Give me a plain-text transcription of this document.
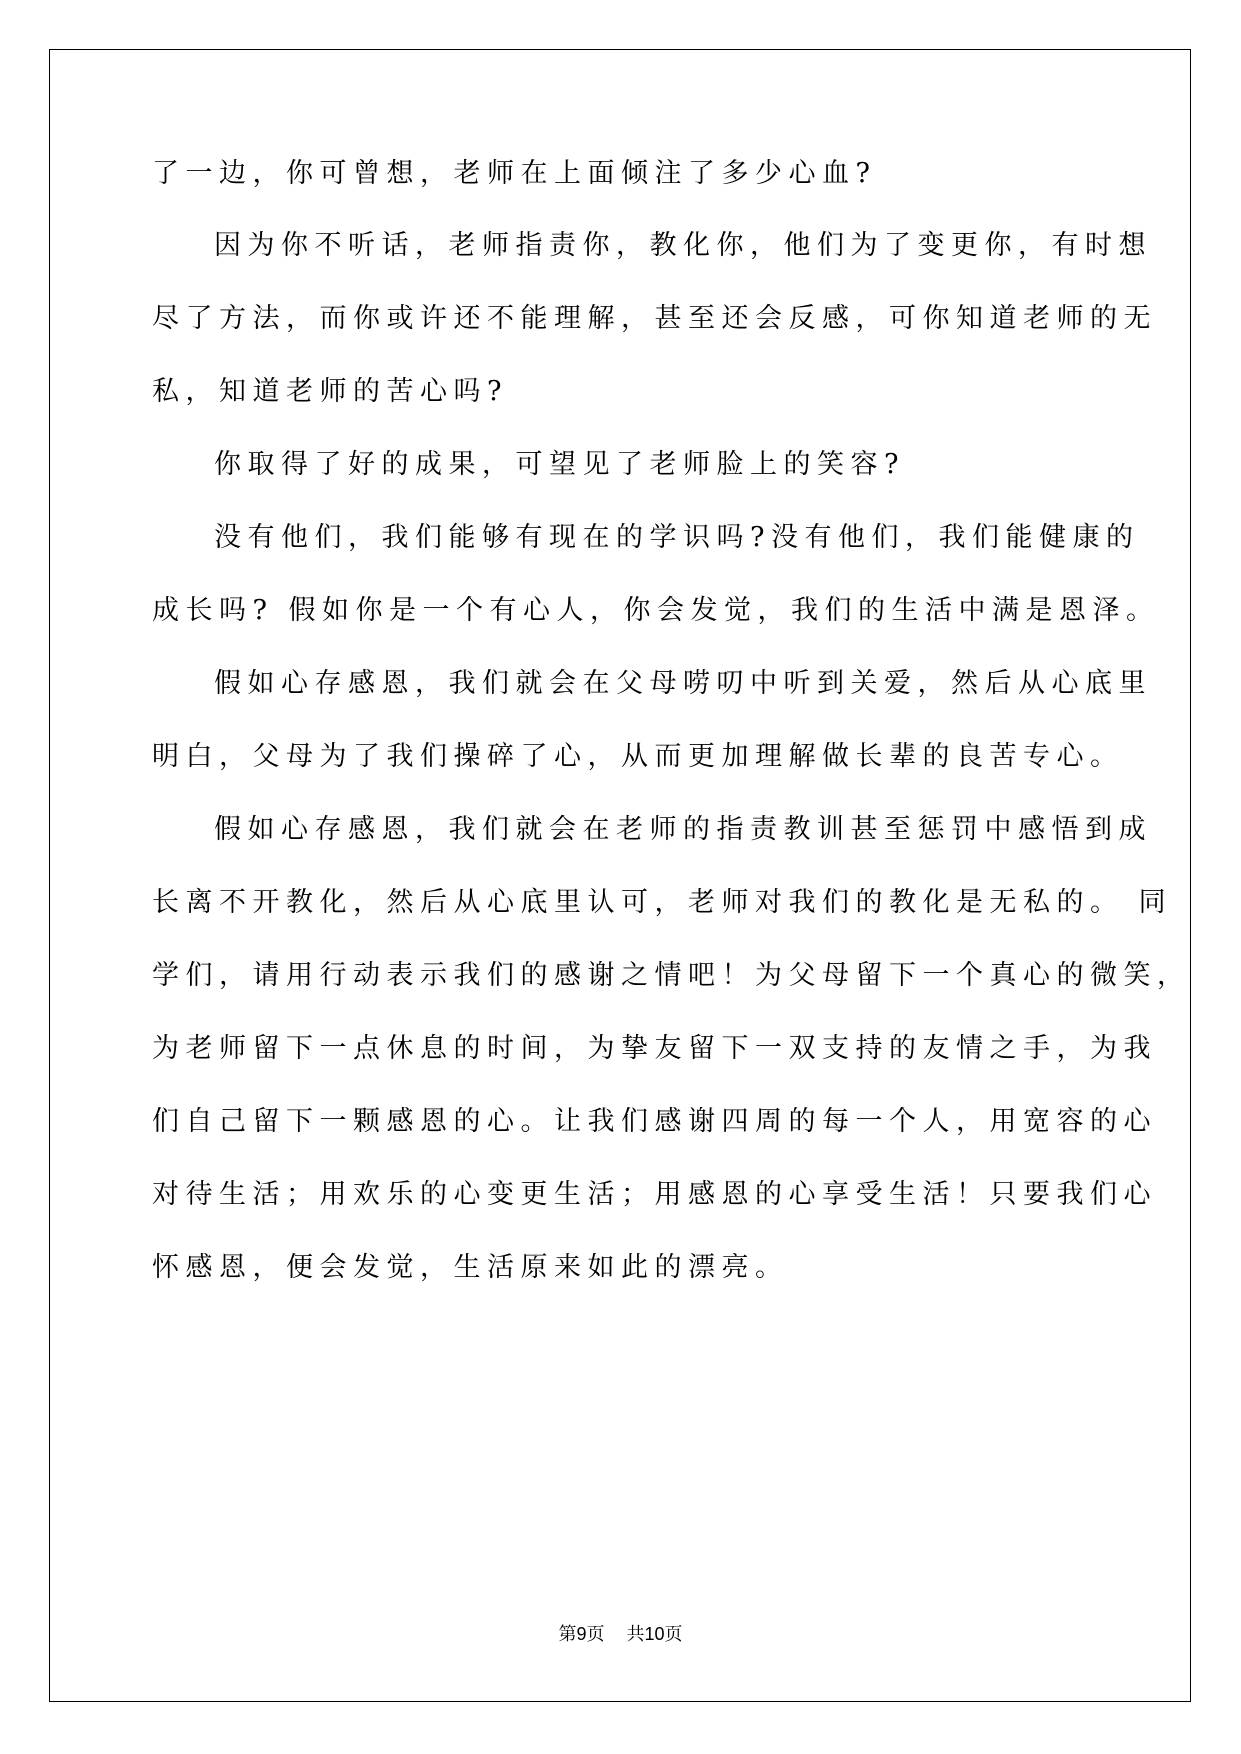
了一边，你可曾想，老师在上面倾注了多少心血?
因为你不听话，老师指责你，教化你，他们为了变更你，有时想
尽了方法，而你或许还不能理解，甚至还会反感，可你知道老师的无
私，知道老师的苦心吗?
你取得了好的成果，可望见了老师脸上的笑容?
没有他们，我们能够有现在的学识吗?没有他们，我们能健康的
成长吗? 假如你是一个有心人，你会发觉，我们的生活中满是恩泽。
假如心存感恩，我们就会在父母唠叨中听到关爱，然后从心底里
明白，父母为了我们操碎了心，从而更加理解做长辈的良苦专心。
假如心存感恩，我们就会在老师的指责教训甚至惩罚中感悟到成
长离不开教化，然后从心底里认可，老师对我们的教化是无私的。 同
学们，请用行动表示我们的感谢之情吧！为父母留下一个真心的微笑，
为老师留下一点休息的时间，为挚友留下一双支持的友情之手，为我
们自己留下一颗感恩的心。让我们感谢四周的每一个人，用宽容的心
对待生活；用欢乐的心变更生活；用感恩的心享受生活！只要我们心
怀感恩，便会发觉，生活原来如此的漂亮。
第9页 共10页
